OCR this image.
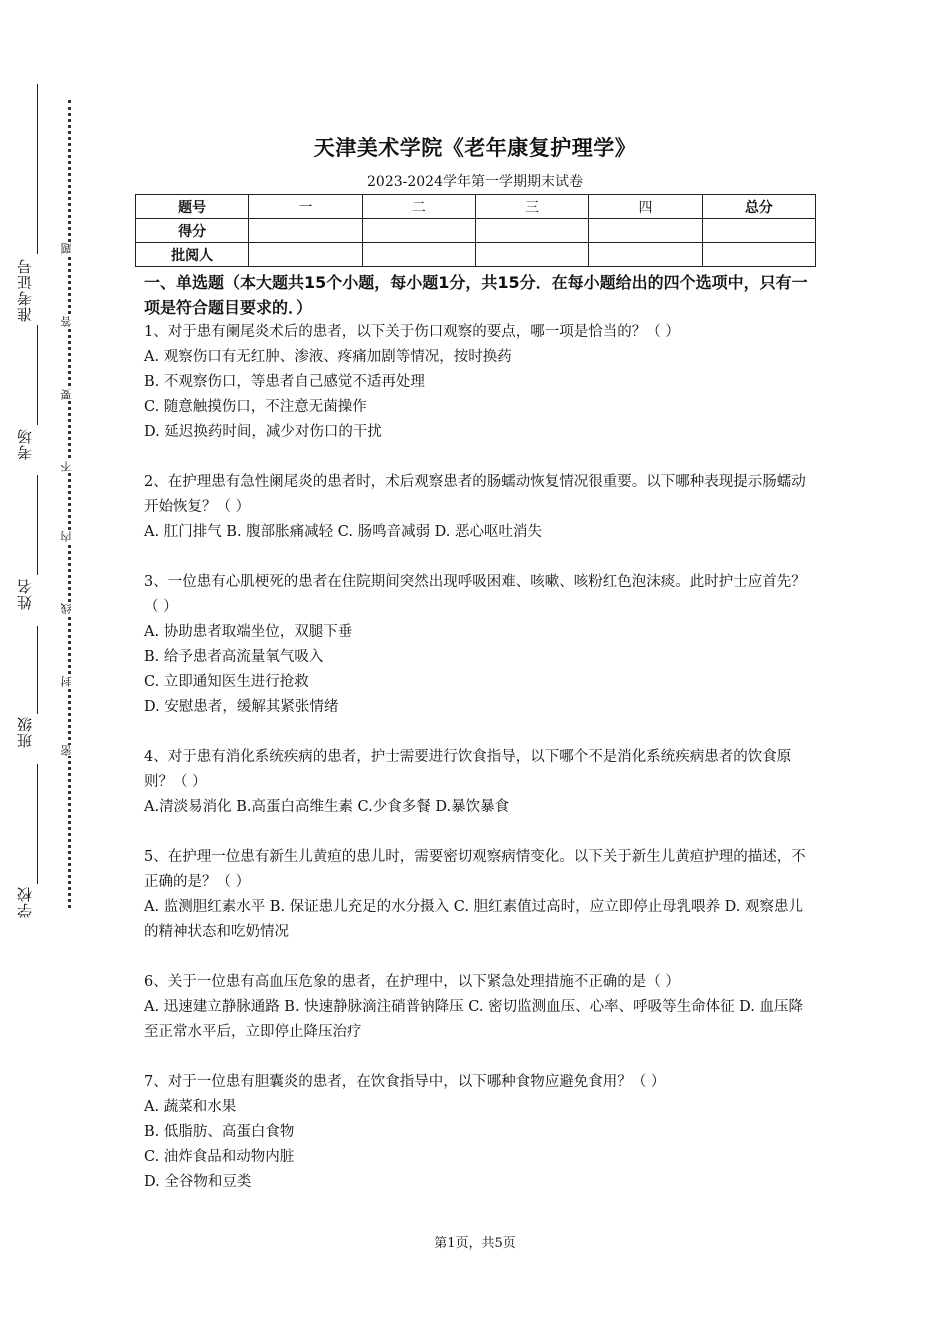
准考证号
考场
姓名
班级
学校
题
答
要
不
内
线
封
密
天津美术学院《老年康复护理学》
2023-2024学年第一学期期末试卷
题号	一	二	三	四	总分
得分					
批阅人					

一、单选题（本大题共15个小题，每小题1分，共15分．在每小题给出的四个选项中，只有一项是符合题目要求的．）

1、对于患有阑尾炎术后的患者，以下关于伤口观察的要点，哪一项是恰当的？（ ）

A. 观察伤口有无红肿、渗液、疼痛加剧等情况，按时换药

B. 不观察伤口，等患者自己感觉不适再处理

C. 随意触摸伤口，不注意无菌操作

D. 延迟换药时间，减少对伤口的干扰

2、在护理患有急性阑尾炎的患者时，术后观察患者的肠蠕动恢复情况很重要。以下哪种表现提示肠蠕动开始恢复？（ ）

A. 肛门排气 B. 腹部胀痛减轻 C. 肠鸣音减弱 D. 恶心呕吐消失

3、一位患有心肌梗死的患者在住院期间突然出现呼吸困难、咳嗽、咳粉红色泡沫痰。此时护士应首先？（ ）

A. 协助患者取端坐位，双腿下垂

B. 给予患者高流量氧气吸入

C. 立即通知医生进行抢救

D. 安慰患者，缓解其紧张情绪

4、对于患有消化系统疾病的患者，护士需要进行饮食指导，以下哪个不是消化系统疾病患者的饮食原则？（ ）

A.清淡易消化 B.高蛋白高维生素 C.少食多餐 D.暴饮暴食

5、在护理一位患有新生儿黄疸的患儿时，需要密切观察病情变化。以下关于新生儿黄疸护理的描述，不正确的是？（ ）

A. 监测胆红素水平 B. 保证患儿充足的水分摄入 C. 胆红素值过高时，应立即停止母乳喂养 D. 观察患儿的精神状态和吃奶情况

6、关于一位患有高血压危象的患者，在护理中，以下紧急处理措施不正确的是（ ）

A. 迅速建立静脉通路 B. 快速静脉滴注硝普钠降压 C. 密切监测血压、心率、呼吸等生命体征 D. 血压降至正常水平后，立即停止降压治疗

7、对于一位患有胆囊炎的患者，在饮食指导中，以下哪种食物应避免食用？（ ）

A. 蔬菜和水果

B. 低脂肪、高蛋白食物

C. 油炸食品和动物内脏

D. 全谷物和豆类

第1页，共5页
